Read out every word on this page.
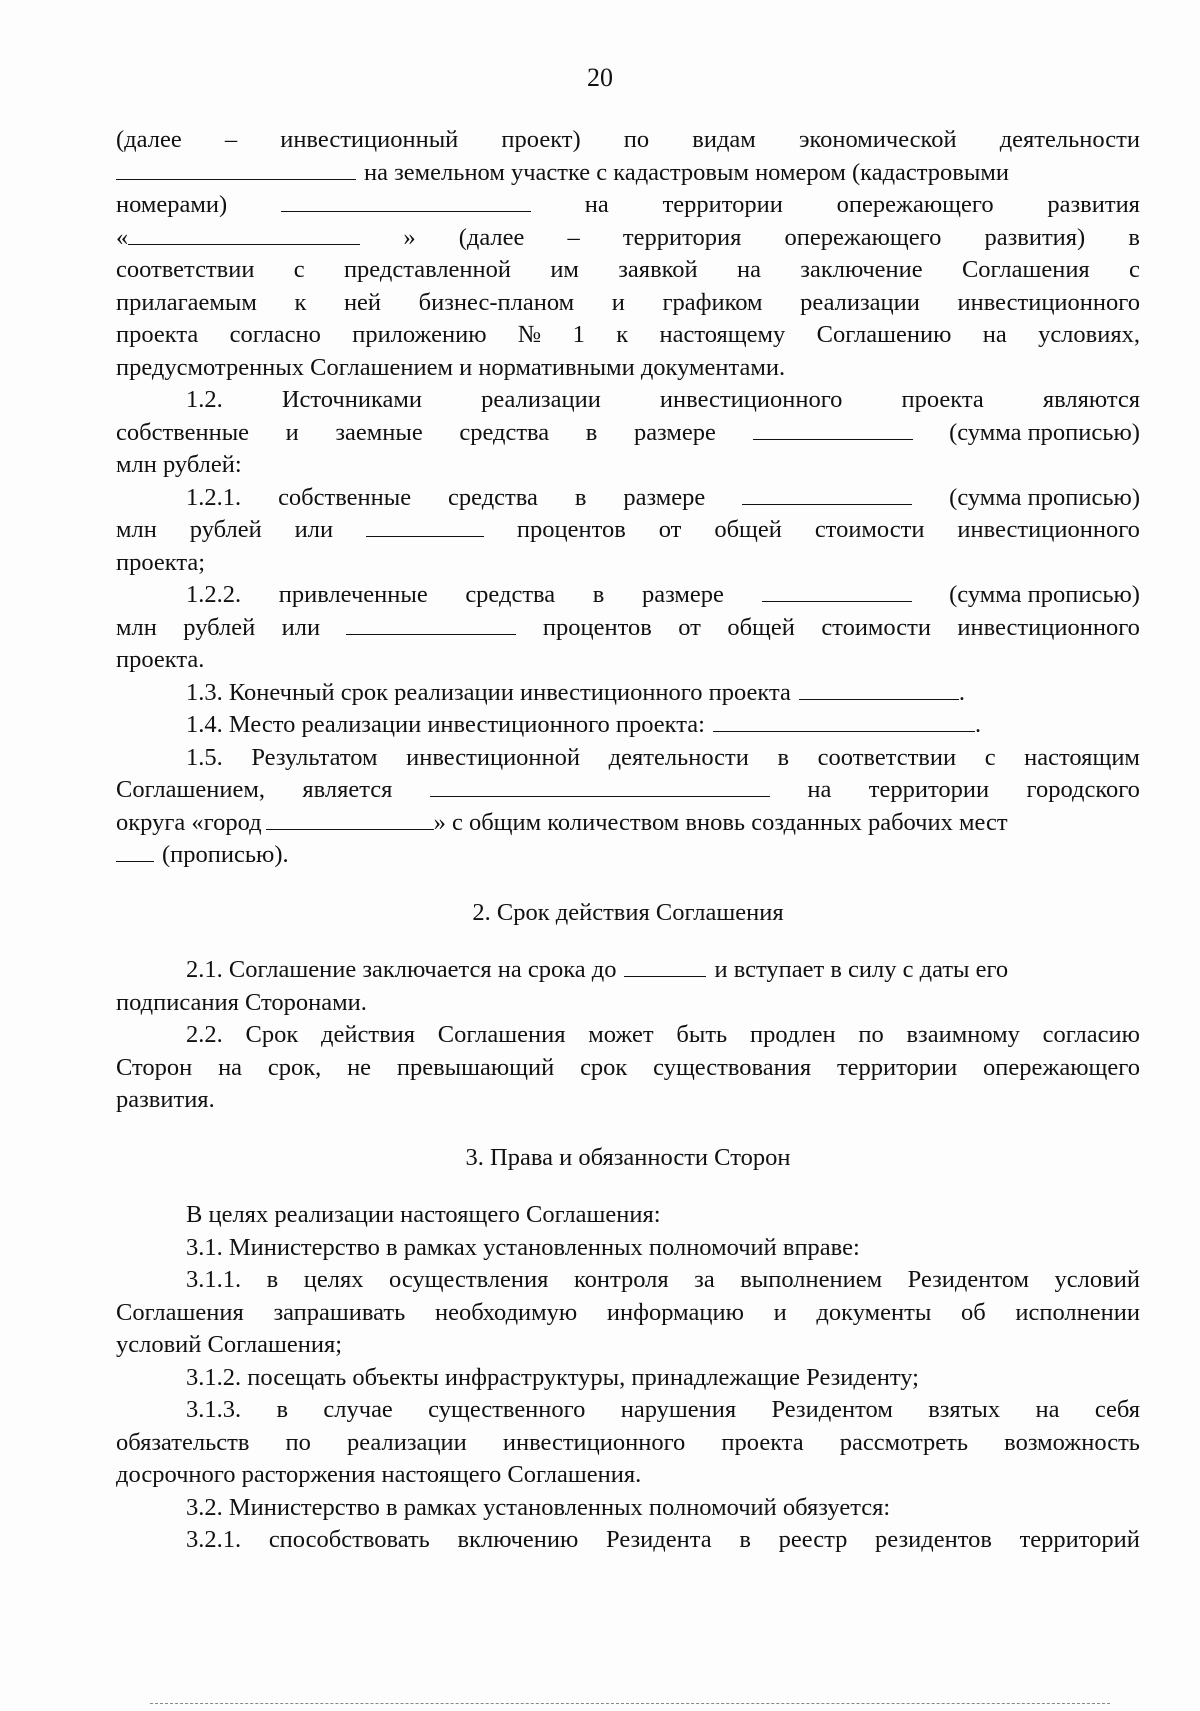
20
(далее – инвестиционный проект) по видам экономической деятельности
на земельном участке с кадастровым номером (кадастровыми
номерами)	на территории опережающего развития
«	» (далее – территория опережающего развития) в
соответствии с представленной им заявкой на заключение Соглашения с
прилагаемым к ней бизнес-планом и графиком реализации инвестиционного
проекта согласно приложению № 1 к настоящему Соглашению на условиях,
предусмотренных Соглашением и нормативными документами.
1.2. Источниками реализации инвестиционного проекта являются
собственные и заемные средства в размере	(сумма прописью)
млн рублей:
1.2.1. собственные средства в размере	(сумма прописью)
млн рублей или	процентов от общей стоимости инвестиционного
проекта;
1.2.2. привлеченные средства в размере	(сумма прописью)
млн рублей или	процентов от общей стоимости инвестиционного
проекта.
1.3. Конечный срок реализации инвестиционного проекта	.
1.4. Место реализации инвестиционного проекта:	.
1.5. Результатом инвестиционной деятельности в соответствии с настоящим
Соглашением, является	на территории городского
округа «город	» с общим количеством вновь созданных рабочих мест
(прописью).
2. Срок действия Соглашения
2.1. Соглашение заключается на срока до	и вступает в силу с даты его
подписания Сторонами.
2.2. Срок действия Соглашения может быть продлен по взаимному согласию
Сторон на срок, не превышающий срок существования территории опережающего
развития.
3. Права и обязанности Сторон
В целях реализации настоящего Соглашения:
3.1. Министерство в рамках установленных полномочий вправе:
3.1.1. в целях осуществления контроля за выполнением Резидентом условий
Соглашения запрашивать необходимую информацию и документы об исполнении
условий Соглашения;
3.1.2. посещать объекты инфраструктуры, принадлежащие Резиденту;
3.1.3. в случае существенного нарушения Резидентом взятых на себя
обязательств по реализации инвестиционного проекта рассмотреть возможность
досрочного расторжения настоящего Соглашения.
3.2. Министерство в рамках установленных полномочий обязуется:
3.2.1. способствовать включению Резидента в реестр резидентов территорий
